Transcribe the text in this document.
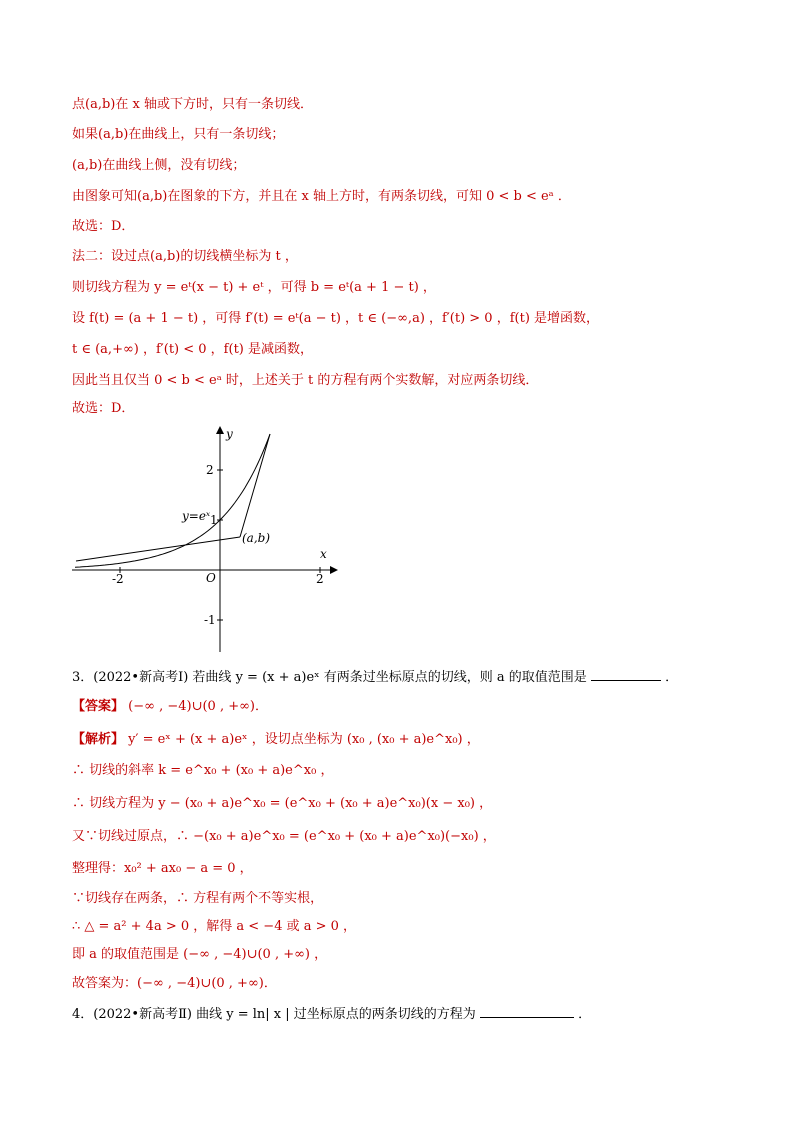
点(a,b)在 x 轴或下方时，只有一条切线．
如果(a,b)在曲线上，只有一条切线；
(a,b)在曲线上侧，没有切线；
由图象可知(a,b)在图象的下方，并且在 x 轴上方时，有两条切线，可知 0 < b < eᵃ ．
故选：D．
法二：设过点(a,b)的切线横坐标为 t ，
则切线方程为 y = eᵗ(x − t) + eᵗ ，可得 b = eᵗ(a + 1 − t) ，
设 f(t) = (a + 1 − t) ，可得 f′(t) = eᵗ(a − t) ，t ∈ (−∞,a) ，f′(t) > 0 ，f(t) 是增函数，
t ∈ (a,+∞) ，f′(t) < 0 ，f(t) 是减函数，
因此当且仅当 0 < b < eᵃ 时，上述关于 t 的方程有两个实数解，对应两条切线．
故选：D．
y
x
O
y=eˣ
(a,b)
-2	2
2
1
-1
3．(2022•新高考Ⅰ) 若曲线 y = (x + a)eˣ 有两条过坐标原点的切线，则 a 的取值范围是	．
【答案】 (−∞ , −4)∪(0 , +∞)．
【解析】 y′ = eˣ + (x + a)eˣ ，设切点坐标为 (x₀ , (x₀ + a)e^x₀) ，
∴ 切线的斜率 k = e^x₀ + (x₀ + a)e^x₀ ，
∴ 切线方程为 y − (x₀ + a)e^x₀ = (e^x₀ + (x₀ + a)e^x₀)(x − x₀) ，
又∵切线过原点，∴ −(x₀ + a)e^x₀ = (e^x₀ + (x₀ + a)e^x₀)(−x₀) ，
整理得：x₀² + ax₀ − a = 0 ，
∵切线存在两条，∴ 方程有两个不等实根，
∴ △ = a² + 4a > 0 ，解得 a < −4 或 a > 0 ，
即 a 的取值范围是 (−∞ , −4)∪(0 , +∞) ，
故答案为：(−∞ , −4)∪(0 , +∞)．
4．(2022•新高考Ⅱ) 曲线 y = ln| x | 过坐标原点的两条切线的方程为	．
